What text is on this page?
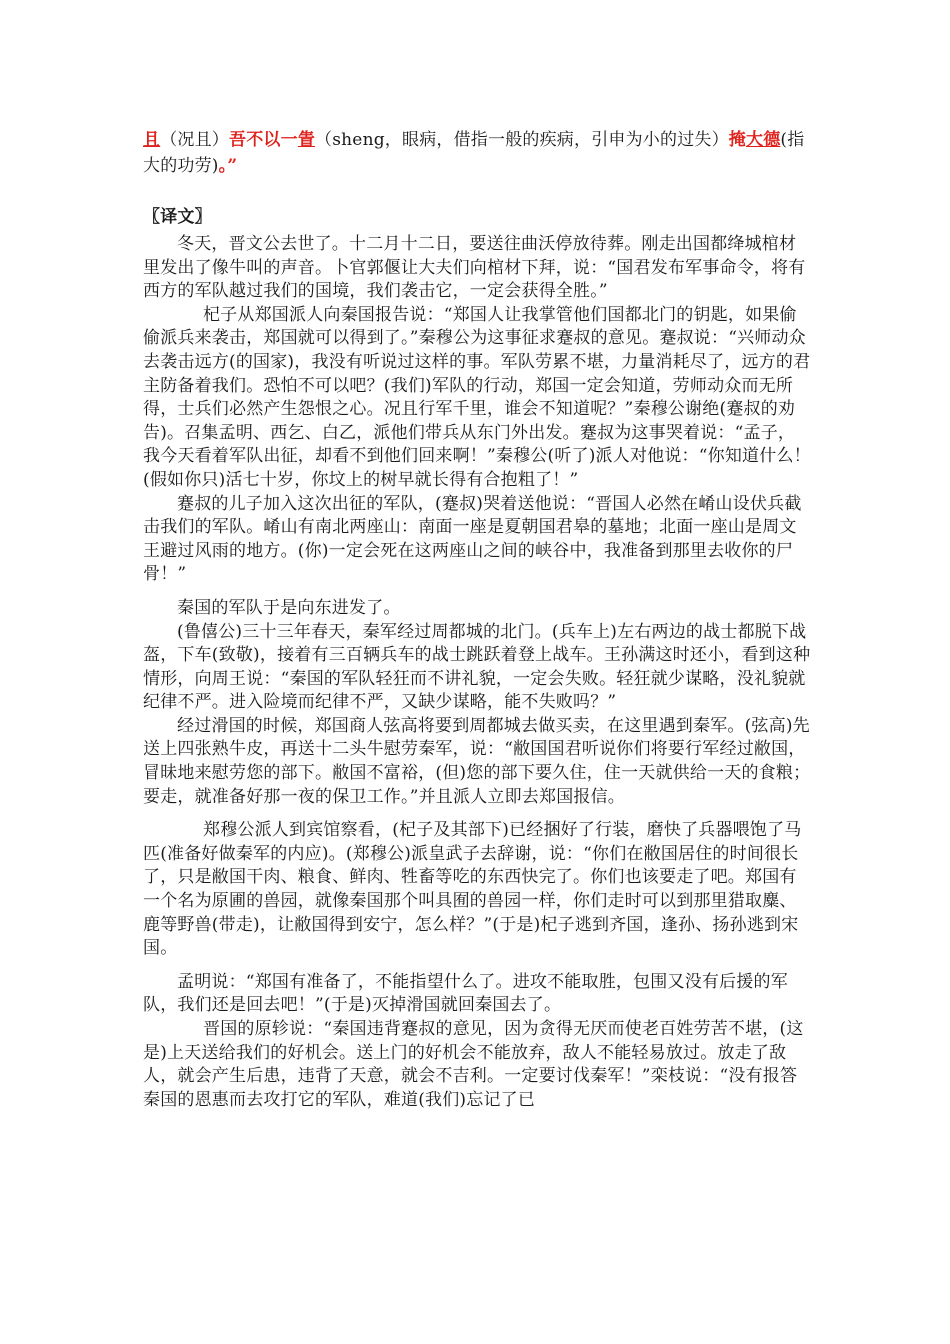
且（况且）吾不以一眚（sheng，眼病，借指一般的疾病，引申为小的过失）掩大德(指大的功劳)。”
〖译文〗

冬天，晋文公去世了。十二月十二日，要送往曲沃停放待葬。刚走出国都绛城棺材里发出了像牛叫的声音。卜官郭偃让大夫们向棺材下拜，说：“国君发布军事命令，将有西方的军队越过我们的国境，我们袭击它，一定会获得全胜。”

杞子从郑国派人向秦国报告说：“郑国人让我掌管他们国都北门的钥匙，如果偷偷派兵来袭击，郑国就可以得到了。”秦穆公为这事征求蹇叔的意见。蹇叔说：“兴师动众去袭击远方(的国家)，我没有听说过这样的事。军队劳累不堪，力量消耗尽了，远方的君主防备着我们。恐怕不可以吧？(我们)军队的行动，郑国一定会知道，劳师动众而无所得，士兵们必然产生怨恨之心。况且行军千里，谁会不知道呢？”秦穆公谢绝(蹇叔的劝告)。召集孟明、西乞、白乙，派他们带兵从东门外出发。蹇叔为这事哭着说：“孟子，我今天看着军队出征，却看不到他们回来啊！”秦穆公(听了)派人对他说：“你知道什么！(假如你只)活七十岁，你坟上的树早就长得有合抱粗了！”

蹇叔的儿子加入这次出征的军队，(蹇叔)哭着送他说：“晋国人必然在崤山设伏兵截击我们的军队。崤山有南北两座山：南面一座是夏朝国君皋的墓地；北面一座山是周文王避过风雨的地方。(你)一定会死在这两座山之间的峡谷中，我准备到那里去收你的尸骨！”

秦国的军队于是向东进发了。

(鲁僖公)三十三年春天，秦军经过周都城的北门。(兵车上)左右两边的战士都脱下战盔，下车(致敬)，接着有三百辆兵车的战士跳跃着登上战车。王孙满这时还小，看到这种情形，向周王说：“秦国的军队轻狂而不讲礼貌，一定会失败。轻狂就少谋略，没礼貌就纪律不严。进入险境而纪律不严，又缺少谋略，能不失败吗？”

经过滑国的时候，郑国商人弦高将要到周都城去做买卖，在这里遇到秦军。(弦高)先送上四张熟牛皮，再送十二头牛慰劳秦军，说：“敝国国君听说你们将要行军经过敝国，冒昧地来慰劳您的部下。敝国不富裕，(但)您的部下要久住，住一天就供给一天的食粮；要走，就准备好那一夜的保卫工作。”并且派人立即去郑国报信。

郑穆公派人到宾馆察看，(杞子及其部下)已经捆好了行装，磨快了兵器喂饱了马匹(准备好做秦军的内应)。(郑穆公)派皇武子去辞谢，说：“你们在敝国居住的时间很长了，只是敝国干肉、粮食、鲜肉、牲畜等吃的东西快完了。你们也该要走了吧。郑国有一个名为原圃的兽园，就像秦国那个叫具囿的兽园一样，你们走时可以到那里猎取麋、鹿等野兽(带走)，让敝国得到安宁，怎么样？”(于是)杞子逃到齐国，逢孙、扬孙逃到宋国。

孟明说：“郑国有准备了，不能指望什么了。进攻不能取胜，包围又没有后援的军队，我们还是回去吧！”(于是)灭掉滑国就回秦国去了。

晋国的原轸说：“秦国违背蹇叔的意见，因为贪得无厌而使老百姓劳苦不堪，(这是)上天送给我们的好机会。送上门的好机会不能放弃，敌人不能轻易放过。放走了敌人，就会产生后患，违背了天意，就会不吉利。一定要讨伐秦军！”栾枝说：“没有报答秦国的恩惠而去攻打它的军队，难道(我们)忘记了已
